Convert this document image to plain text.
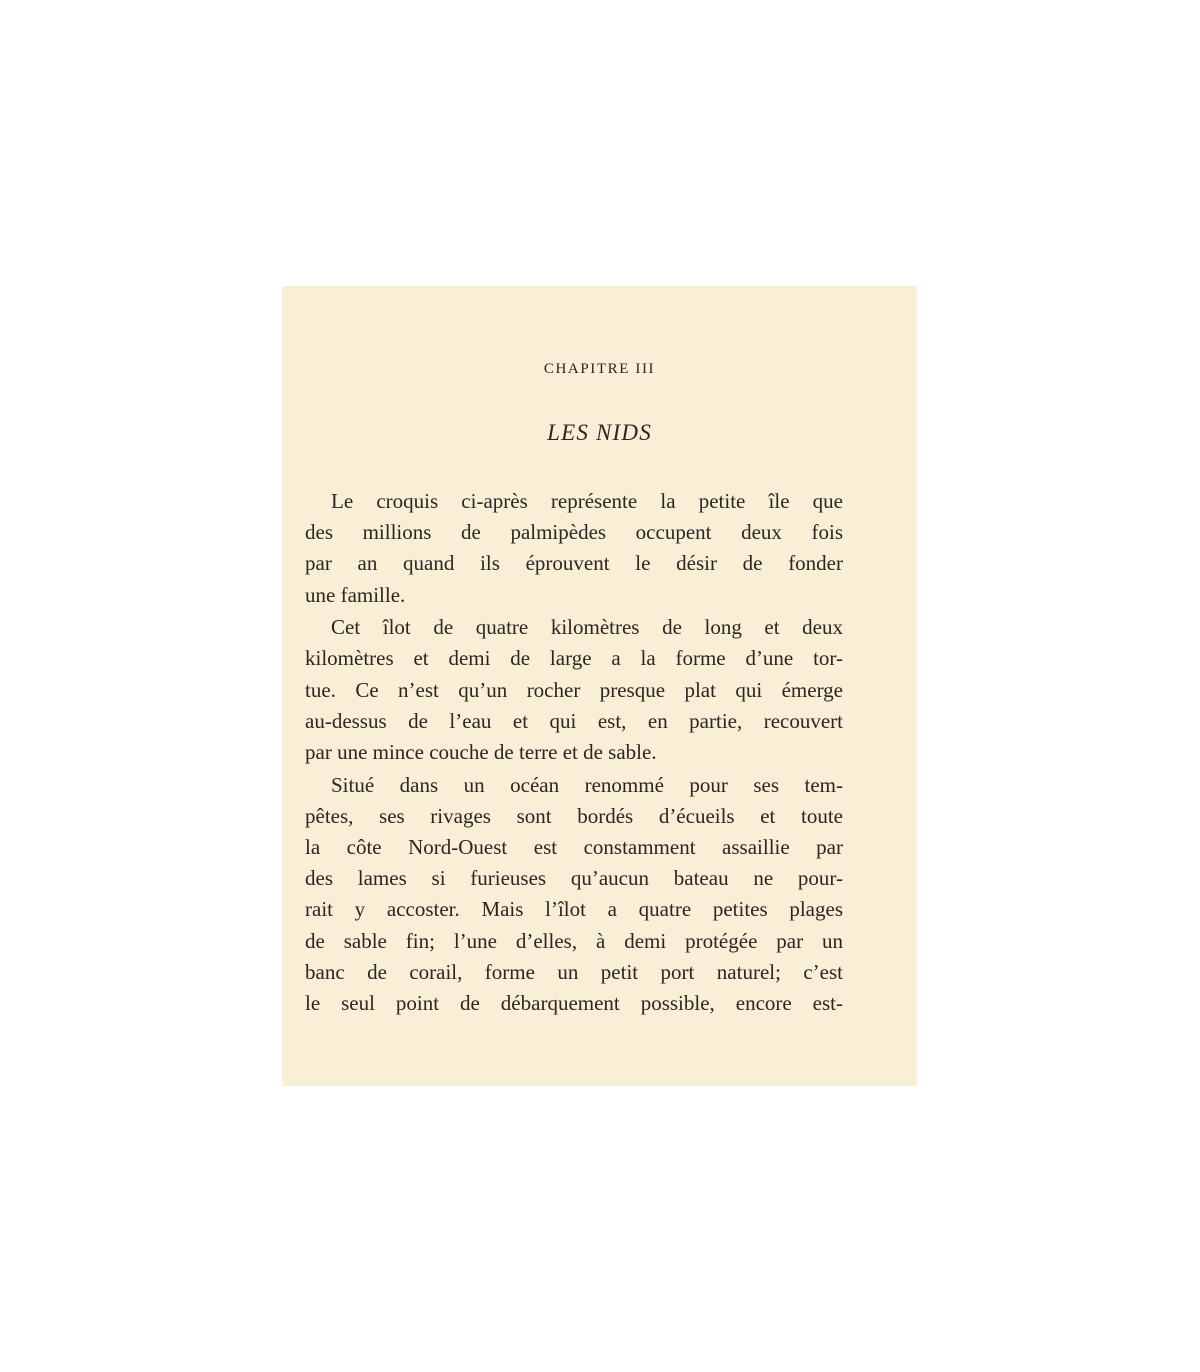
CHAPITRE III

LES NIDS
Le croquis ci-après représente la petite île que
des millions de palmipèdes occupent deux fois
par an quand ils éprouvent le désir de fonder
une famille.
Cet îlot de quatre kilomètres de long et deux
kilomètres et demi de large a la forme d’une tor-
tue. Ce n’est qu’un rocher presque plat qui émerge
au-dessus de l’eau et qui est, en partie, recouvert
par une mince couche de terre et de sable.
Situé dans un océan renommé pour ses tem-
pêtes, ses rivages sont bordés d’écueils et toute
la côte Nord-Ouest est constamment assaillie par
des lames si furieuses qu’aucun bateau ne pour-
rait y accoster. Mais l’îlot a quatre petites plages
de sable fin; l’une d’elles, à demi protégée par un
banc de corail, forme un petit port naturel; c’est
le seul point de débarquement possible, encore est-
